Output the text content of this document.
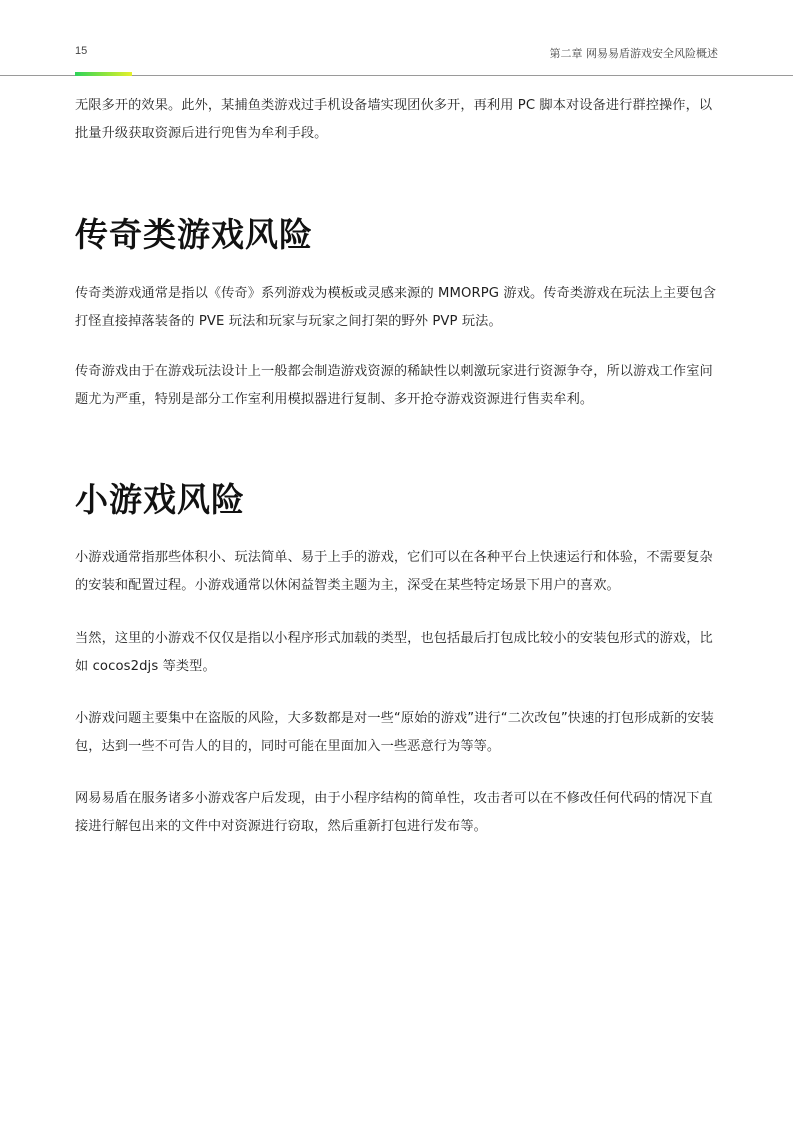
15	第二章 网易易盾游戏安全风险概述

无限多开的效果。此外，某捕鱼类游戏过手机设备墙实现团伙多开，再利用 PC 脚本对设备进行群控操作，以批量升级获取资源后进行兜售为牟利手段。

传奇类游戏风险

传奇类游戏通常是指以《传奇》系列游戏为模板或灵感来源的 MMORPG 游戏。传奇类游戏在玩法上主要包含打怪直接掉落装备的 PVE 玩法和玩家与玩家之间打架的野外 PVP 玩法。

传奇游戏由于在游戏玩法设计上一般都会制造游戏资源的稀缺性以刺激玩家进行资源争夺，所以游戏工作室问题尤为严重，特别是部分工作室利用模拟器进行复制、多开抢夺游戏资源进行售卖牟利。

小游戏风险

小游戏通常指那些体积小、玩法简单、易于上手的游戏，它们可以在各种平台上快速运行和体验，不需要复杂的安装和配置过程。小游戏通常以休闲益智类主题为主，深受在某些特定场景下用户的喜欢。

当然，这里的小游戏不仅仅是指以小程序形式加载的类型，也包括最后打包成比较小的安装包形式的游戏，比如 cocos2djs 等类型。

小游戏问题主要集中在盗版的风险，大多数都是对一些“原始的游戏”进行“二次改包”快速的打包形成新的安装包，达到一些不可告人的目的，同时可能在里面加入一些恶意行为等等。

网易易盾在服务诸多小游戏客户后发现，由于小程序结构的简单性，攻击者可以在不修改任何代码的情况下直接进行解包出来的文件中对资源进行窃取，然后重新打包进行发布等。
